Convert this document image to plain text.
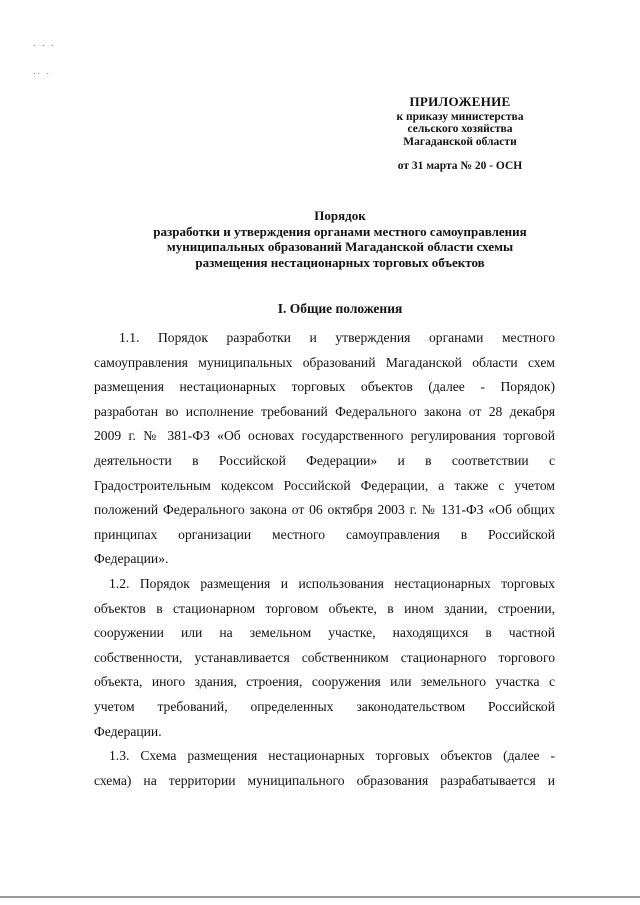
. . .
.. .
ПРИЛОЖЕНИЕ
к приказу министерства
сельского хозяйства
Магаданской области
от 31 марта № 20 - ОСН
Порядок
разработки и утверждения органами местного самоуправления
муниципальных образований Магаданской области схемы
размещения нестационарных торговых объектов
I. Общие положения
1.1. Порядок разработки и утверждения органами местного
самоуправления муниципальных образований Магаданской области схем
размещения нестационарных торговых объектов (далее - Порядок)
разработан во исполнение требований Федерального закона от 28 декабря
2009 г. № 381-ФЗ «Об основах государственного регулирования торговой
деятельности в Российской Федерации» и в соответствии с
Градостроительным кодексом Российской Федерации, а также с учетом
положений Федерального закона от 06 октября 2003 г. № 131-ФЗ «Об общих
принципах организации местного самоуправления в Российской
Федерации».
1.2. Порядок размещения и использования нестационарных торговых
объектов в стационарном торговом объекте, в ином здании, строении,
сооружении или на земельном участке, находящихся в частной
собственности, устанавливается собственником стационарного торгового
объекта, иного здания, строения, сооружения или земельного участка с
учетом требований, определенных законодательством Российской
Федерации.
1.3. Схема размещения нестационарных торговых объектов (далее -
схема) на территории муниципального образования разрабатывается и
